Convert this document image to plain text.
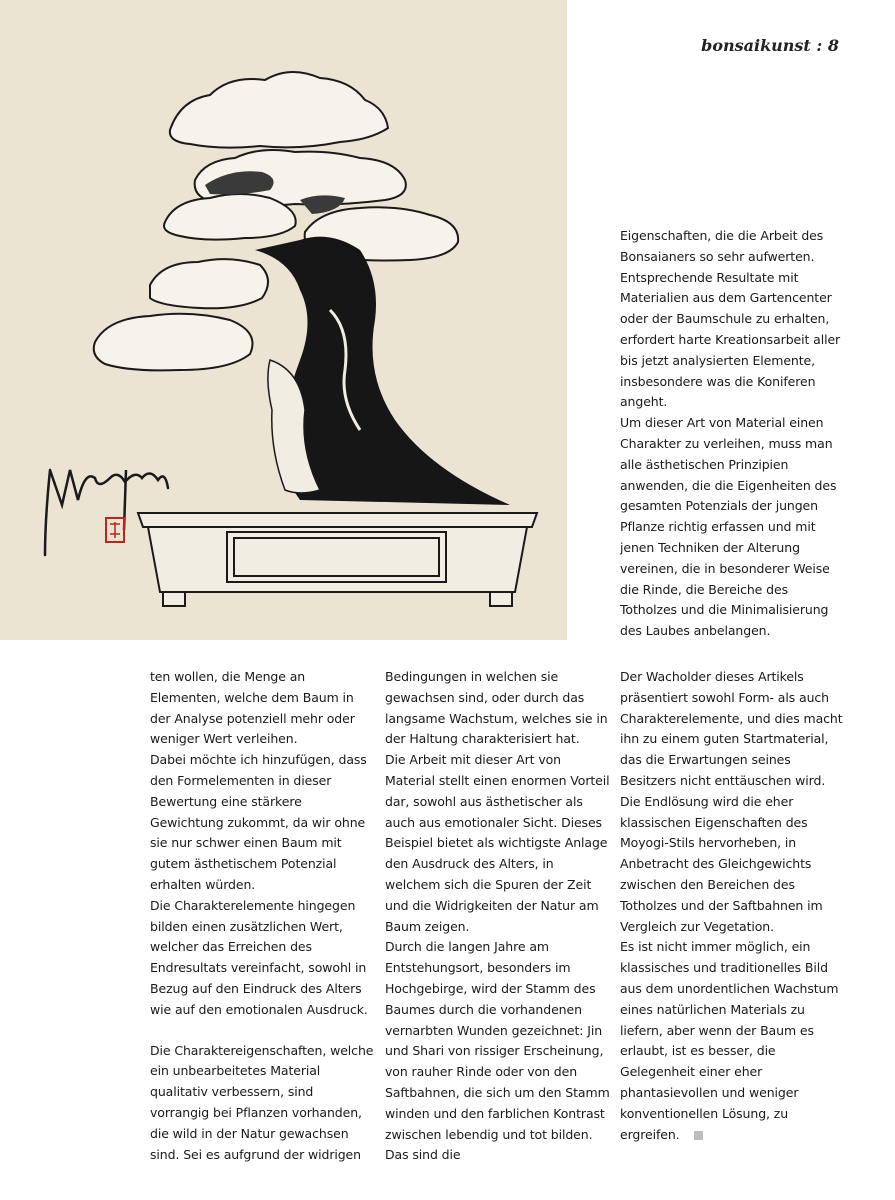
bonsaikunst : 8

Eigenschaften, die die Arbeit des Bonsaianers so sehr aufwerten. Entsprechende Resultate mit Materialien aus dem Gartencenter oder der Baumschule zu erhalten, erfordert harte Kreationsarbeit aller bis jetzt analysierten Elemente, insbesondere was die Koniferen angeht.

Um dieser Art von Material einen Charakter zu verleihen, muss man alle ästhetischen Prinzipien anwenden, die die Eigenheiten des gesamten Potenzials der jungen Pflanze richtig erfassen und mit jenen Techniken der Alterung vereinen, die in besonderer Weise die Rinde, die Bereiche des Totholzes und die Minimalisierung des Laubes anbelangen.

ten wollen, die Menge an Elementen, welche dem Baum in der Analyse potenziell mehr oder weniger Wert verleihen.

Dabei möchte ich hinzufügen, dass den Formelementen in dieser Bewertung eine stärkere Gewichtung zukommt, da wir ohne sie nur schwer einen Baum mit gutem ästhetischem Potenzial erhalten würden.

Die Charakterelemente hingegen bilden einen zusätzlichen Wert, welcher das Erreichen des Endresultats vereinfacht, sowohl in Bezug auf den Eindruck des Alters wie auf den emotionalen Ausdruck.

Die Charaktereigenschaften, welche ein unbearbeitetes Material qualitativ verbessern, sind vorrangig bei Pflanzen vorhanden, die wild in der Natur gewachsen sind. Sei es aufgrund der widrigen

Bedingungen in welchen sie gewachsen sind, oder durch das langsame Wachstum, welches sie in der Haltung charakterisiert hat.

Die Arbeit mit dieser Art von Material stellt einen enormen Vorteil dar, sowohl aus ästhetischer als auch aus emotionaler Sicht. Dieses Beispiel bietet als wichtigste Anlage den Ausdruck des Alters, in welchem sich die Spuren der Zeit und die Widrigkeiten der Natur am Baum zeigen.

Durch die langen Jahre am Entstehungsort, besonders im Hochgebirge, wird der Stamm des Baumes durch die vorhandenen vernarbten Wunden gezeichnet: Jin und Shari von rissiger Erscheinung, von rauher Rinde oder von den Saftbahnen, die sich um den Stamm winden und den farblichen Kontrast zwischen lebendig und tot bilden. Das sind die

Der Wacholder dieses Artikels präsentiert sowohl Form- als auch Charakterelemente, und dies macht ihn zu einem guten Startmaterial, das die Erwartungen seines Besitzers nicht enttäuschen wird.

Die Endlösung wird die eher klassischen Eigenschaften des Moyogi-Stils hervorheben, in Anbetracht des Gleichgewichts zwischen den Bereichen des Totholzes und der Saftbahnen im Vergleich zur Vegetation.

Es ist nicht immer möglich, ein klassisches und traditionelles Bild aus dem unordentlichen Wachstum eines natürlichen Materials zu liefern, aber wenn der Baum es erlaubt, ist es besser, die Gelegenheit einer eher phantasievollen und weniger konventionellen Lösung, zu ergreifen.
